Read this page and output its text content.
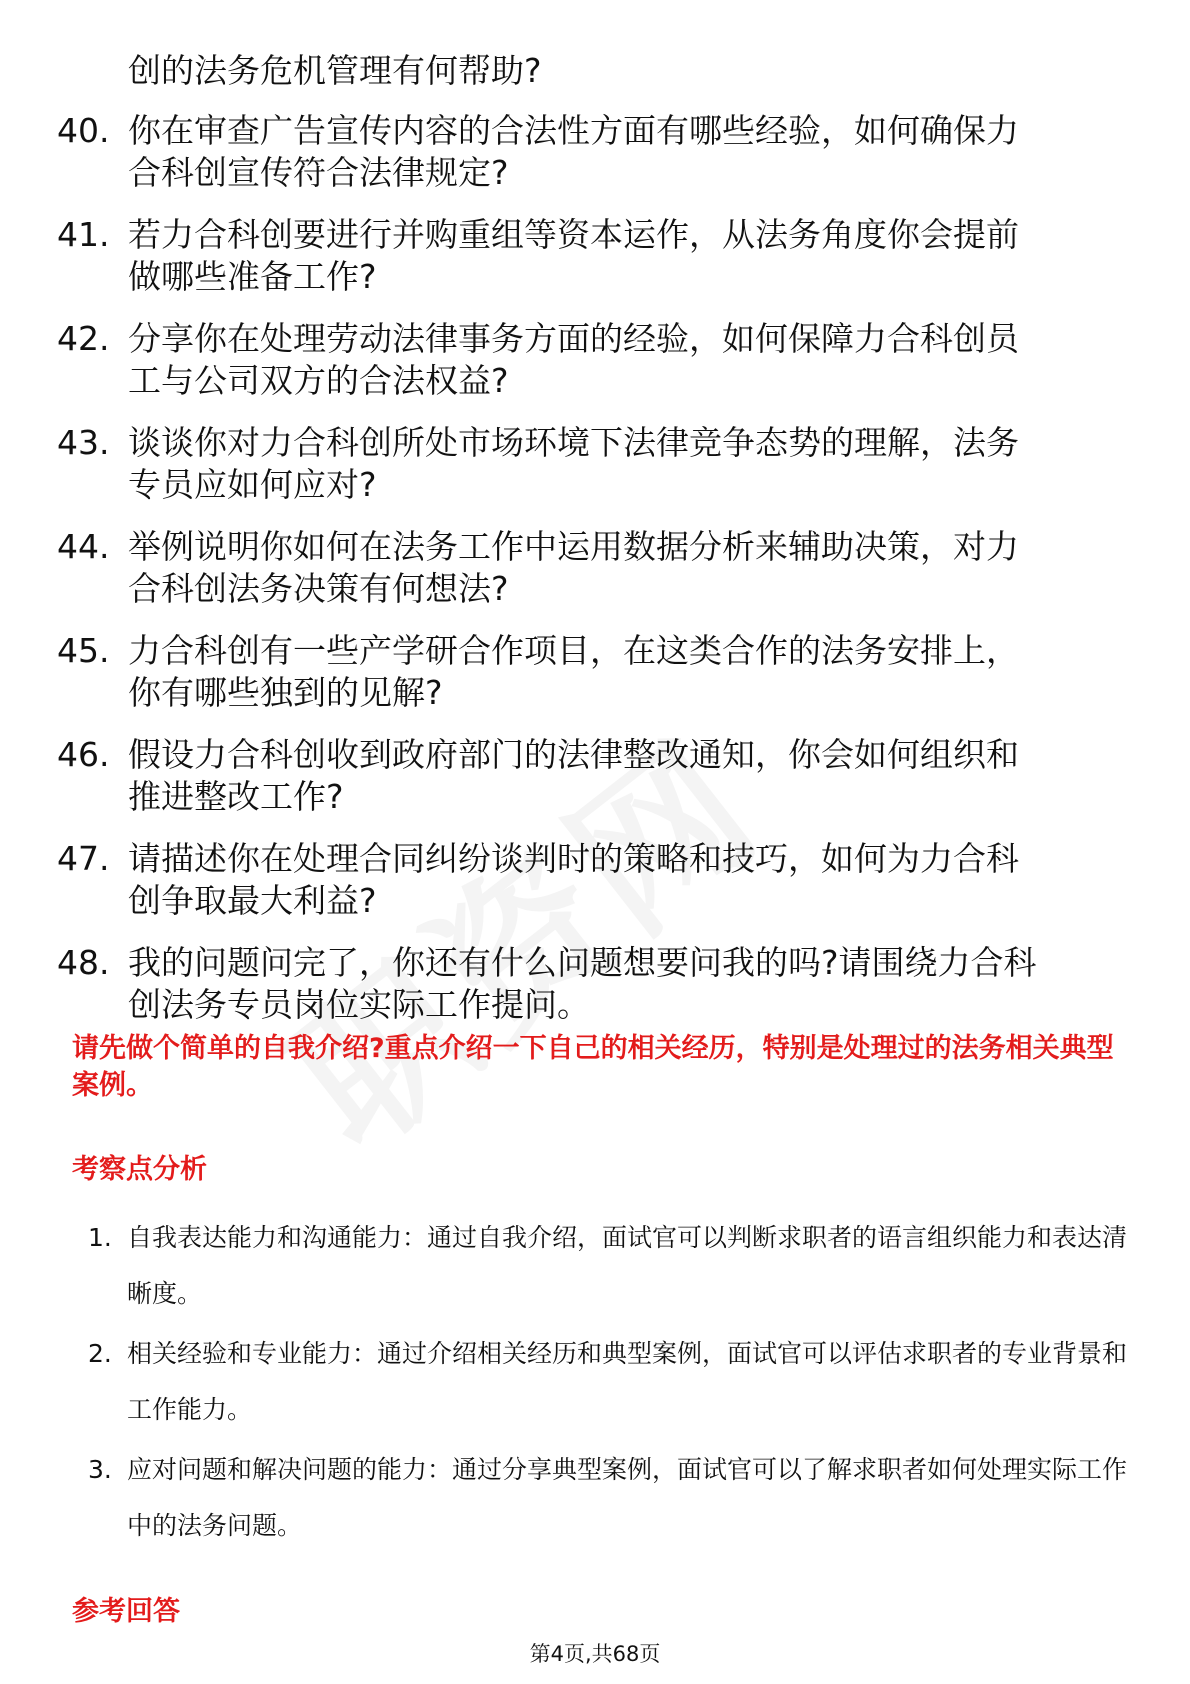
创的法务危机管理有何帮助?
40. 你在审查广告宣传内容的合法性方面有哪些经验，如何确保力合科创宣传符合法律规定?
41. 若力合科创要进行并购重组等资本运作，从法务角度你会提前做哪些准备工作?
42. 分享你在处理劳动法律事务方面的经验，如何保障力合科创员工与公司双方的合法权益?
43. 谈谈你对力合科创所处市场环境下法律竞争态势的理解，法务专员应如何应对?
44. 举例说明你如何在法务工作中运用数据分析来辅助决策，对力合科创法务决策有何想法?
45. 力合科创有一些产学研合作项目，在这类合作的法务安排上，你有哪些独到的见解?
46. 假设力合科创收到政府部门的法律整改通知，你会如何组织和推进整改工作?
47. 请描述你在处理合同纠纷谈判时的策略和技巧，如何为力合科创争取最大利益?
48. 我的问题问完了，你还有什么问题想要问我的吗?请围绕力合科创法务专员岗位实际工作提问。
请先做个简单的自我介绍?重点介绍一下自己的相关经历，特别是处理过的法务相关典型案例。
考察点分析
1. 自我表达能力和沟通能力：通过自我介绍，面试官可以判断求职者的语言组织能力和表达清晰度。
2. 相关经验和专业能力：通过介绍相关经历和典型案例，面试官可以评估求职者的专业背景和工作能力。
3. 应对问题和解决问题的能力：通过分享典型案例，面试官可以了解求职者如何处理实际工作中的法务问题。
参考回答
第4页,共68页
